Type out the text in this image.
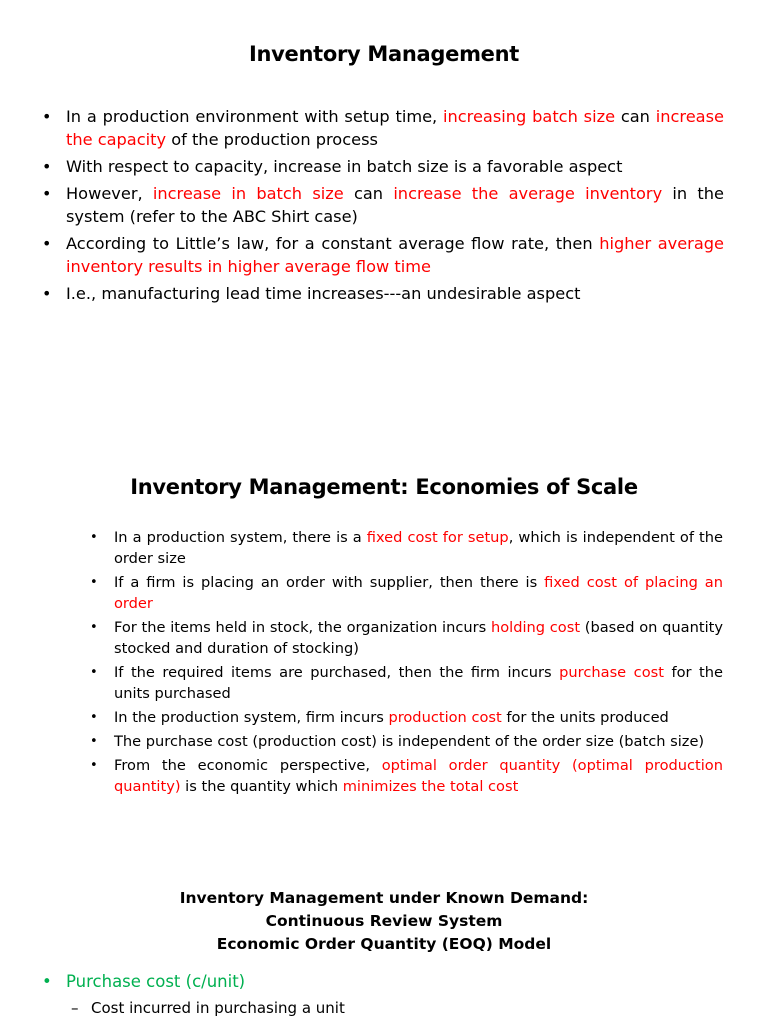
Inventory Management
• In a production environment with setup time, increasing batch size can increase the capacity of the production process
• With respect to capacity, increase in batch size is a favorable aspect
• However, increase in batch size can increase the average inventory in the system (refer to the ABC Shirt case)
• According to Little’s law, for a constant average flow rate, then higher average inventory results in higher average flow time
• I.e., manufacturing lead time increases---an undesirable aspect
Inventory Management: Economies of Scale
• In a production system, there is a fixed cost for setup, which is independent of the order size
• If a firm is placing an order with supplier, then there is fixed cost of placing an order
• For the items held in stock, the organization incurs holding cost (based on quantity stocked and duration of stocking)
• If the required items are purchased, then the firm incurs purchase cost for the units purchased
• In the production system, firm incurs production cost for the units produced
• The purchase cost (production cost) is independent of the order size (batch size)
• From the economic perspective, optimal order quantity (optimal production quantity) is the quantity which minimizes the total cost
Inventory Management under Known Demand:
Continuous Review System
Economic Order Quantity (EOQ) Model
• Purchase cost (c/unit)
– Cost incurred in purchasing a unit
